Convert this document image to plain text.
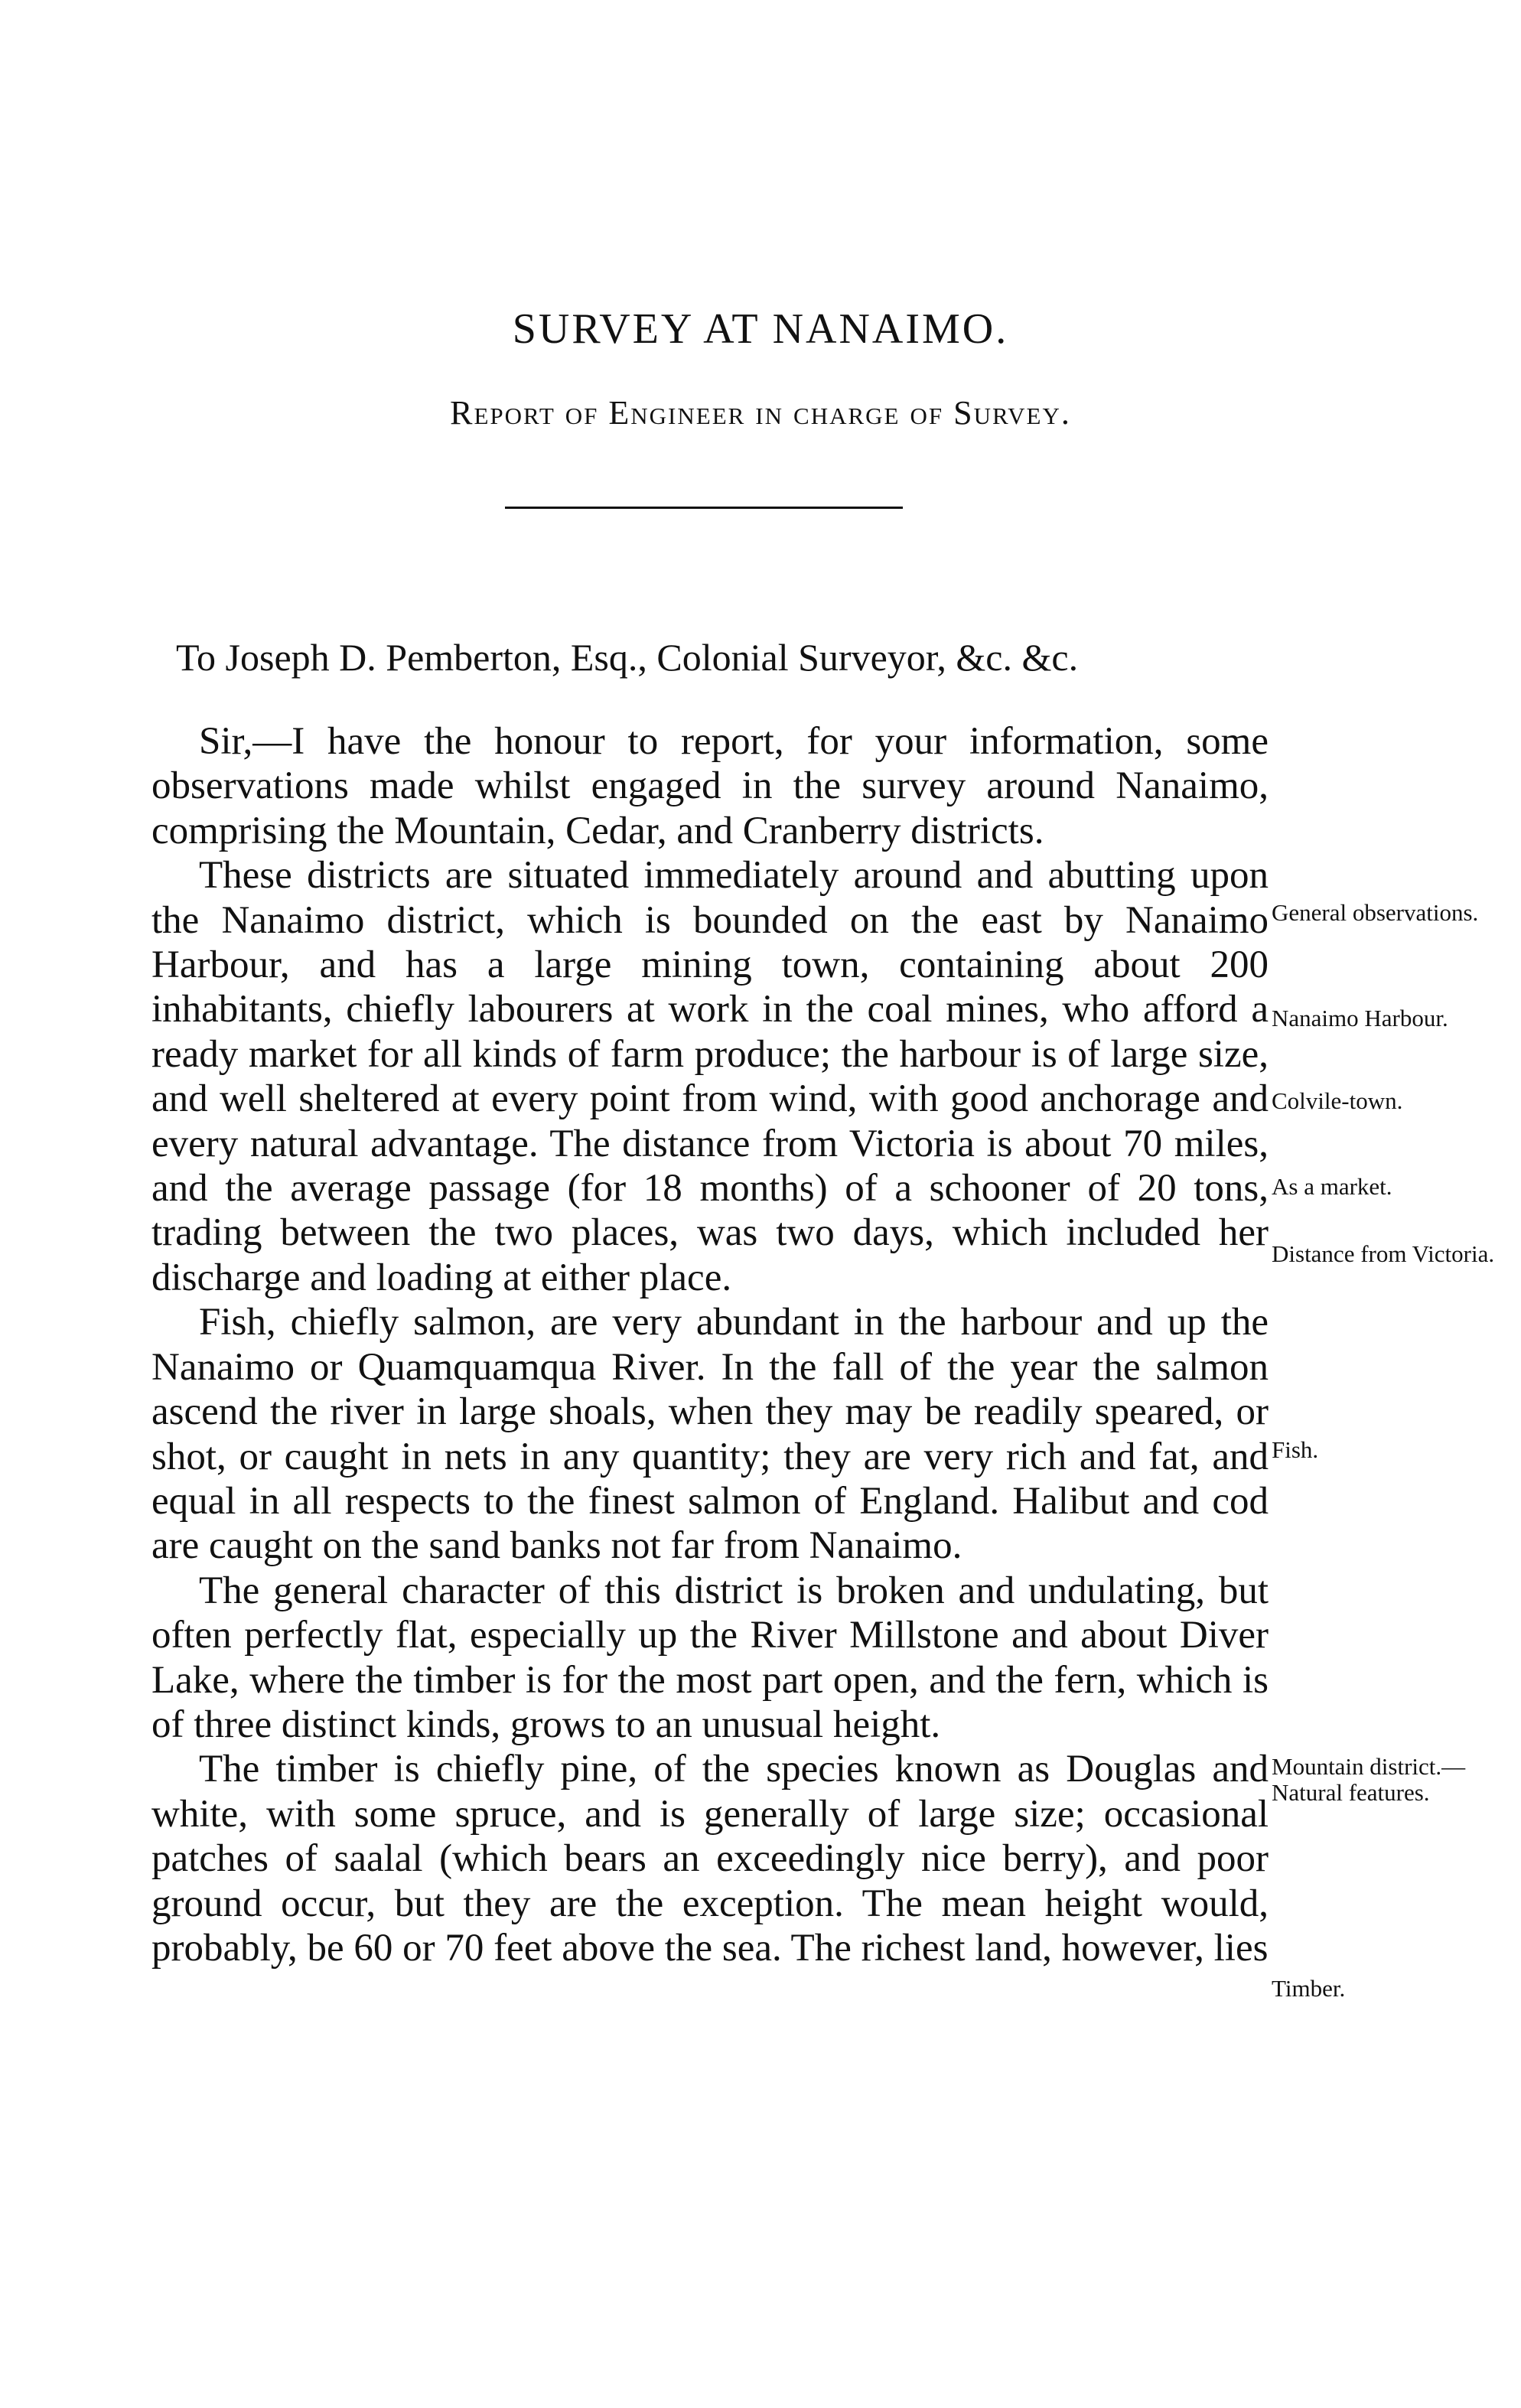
SURVEY AT NANAIMO.
Report of Engineer in charge of Survey.
To Joseph D. Pemberton, Esq., Colonial Surveyor, &c. &c.

Sir,—I have the honour to report, for your information, some observations made whilst engaged in the survey around Nanaimo, comprising the Mountain, Cedar, and Cranberry districts.

These districts are situated immediately around and abutting upon the Nanaimo district, which is bounded on the east by Nanaimo Harbour, and has a large mining town, containing about 200 inhabitants, chiefly labourers at work in the coal mines, who afford a ready market for all kinds of farm produce; the harbour is of large size, and well sheltered at every point from wind, with good anchorage and every natural advantage. The distance from Victoria is about 70 miles, and the average passage (for 18 months) of a schooner of 20 tons, trading between the two places, was two days, which included her discharge and loading at either place.

Fish, chiefly salmon, are very abundant in the harbour and up the Nanaimo or Quamquamqua River. In the fall of the year the salmon ascend the river in large shoals, when they may be readily speared, or shot, or caught in nets in any quantity; they are very rich and fat, and equal in all respects to the finest salmon of England. Halibut and cod are caught on the sand banks not far from Nanaimo.

The general character of this district is broken and undulating, but often perfectly flat, especially up the River Millstone and about Diver Lake, where the timber is for the most part open, and the fern, which is of three distinct kinds, grows to an unusual height.

The timber is chiefly pine, of the species known as Douglas and white, with some spruce, and is generally of large size; occasional patches of saalal (which bears an exceedingly nice berry), and poor ground occur, but they are the exception. The mean height would, probably, be 60 or 70 feet above the sea. The richest land, however, lies

General observations.
Nanaimo Harbour.
Colvile-town.
As a market.
Distance from Victoria.
Fish.
Mountain district.— Natural features.
Timber.
